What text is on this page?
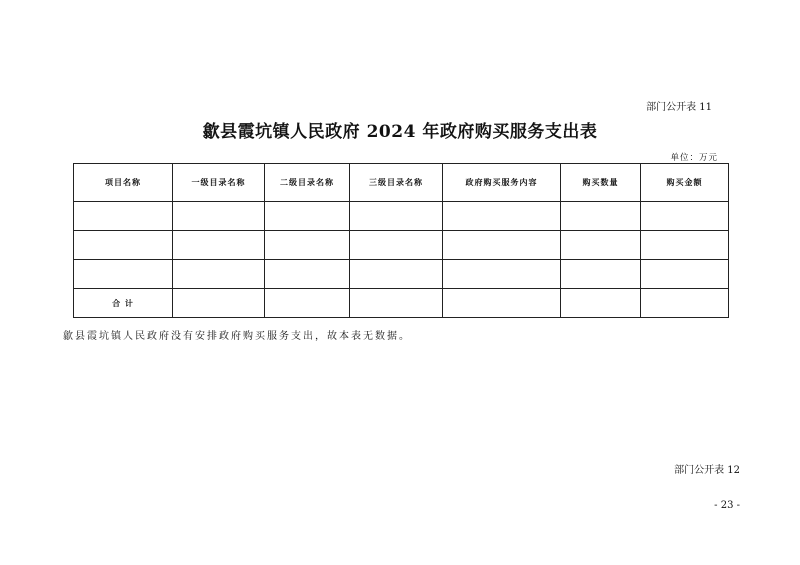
部门公开表 11
歙县霞坑镇人民政府 2024 年政府购买服务支出表
单位：万元
项目名称	一级目录名称	二级目录名称	三级目录名称	政府购买服务内容	购买数量	购买金额

合 计						
歙县霞坑镇人民政府没有安排政府购买服务支出，故本表无数据。
部门公开表 12
- 23 -
